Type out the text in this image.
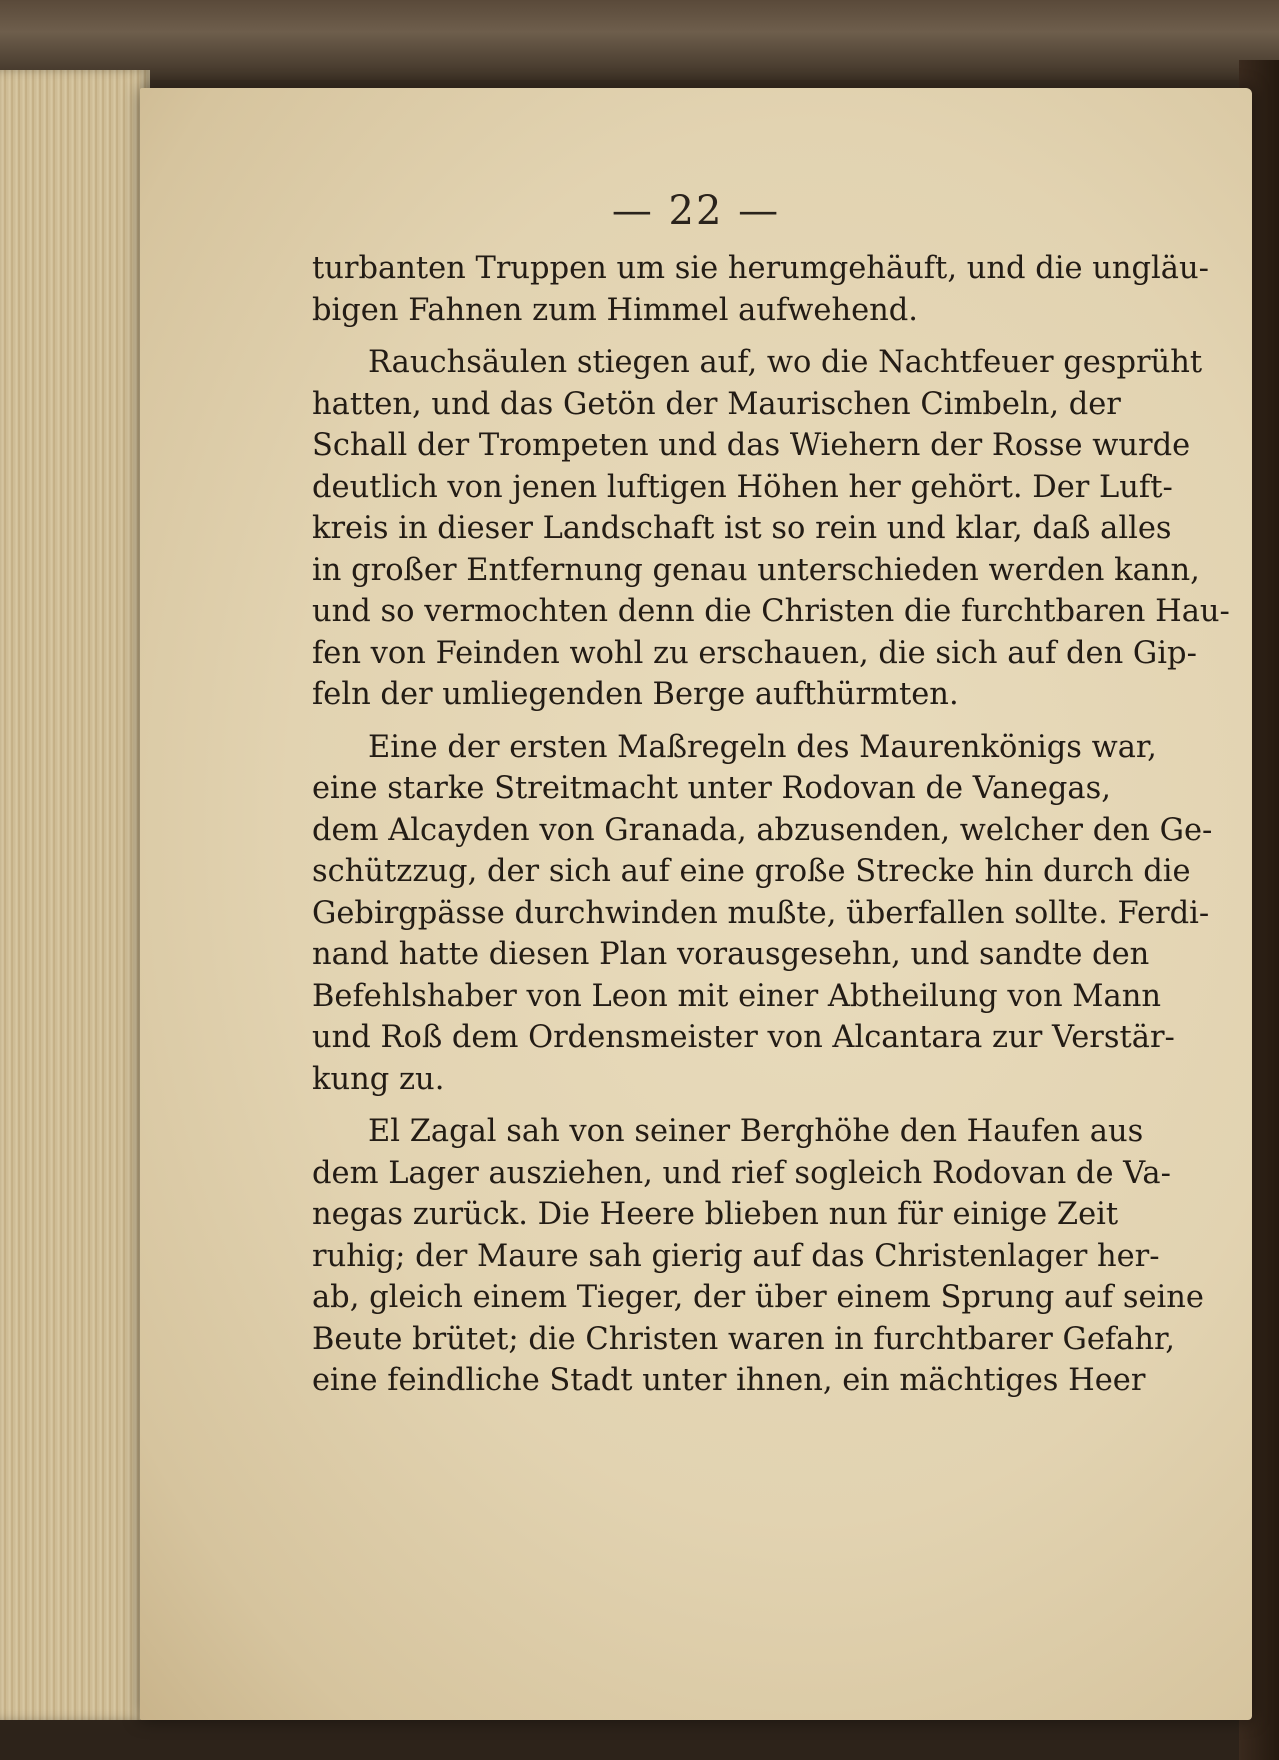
— 22 —
turbanten Truppen um sie herumgehäuft, und die ungläu-
bigen Fahnen zum Himmel aufwehend.
Rauchsäulen stiegen auf, wo die Nachtfeuer gesprüht
hatten, und das Getön der Maurischen Cimbeln, der
Schall der Trompeten und das Wiehern der Rosse wurde
deutlich von jenen luftigen Höhen her gehört. Der Luft-
kreis in dieser Landschaft ist so rein und klar, daß alles
in großer Entfernung genau unterschieden werden kann,
und so vermochten denn die Christen die furchtbaren Hau-
fen von Feinden wohl zu erschauen, die sich auf den Gip-
feln der umliegenden Berge aufthürmten.
Eine der ersten Maßregeln des Maurenkönigs war,
eine starke Streitmacht unter Rodovan de Vanegas,
dem Alcayden von Granada, abzusenden, welcher den Ge-
schützzug, der sich auf eine große Strecke hin durch die
Gebirgpässe durchwinden mußte, überfallen sollte. Ferdi-
nand hatte diesen Plan vorausgesehn, und sandte den
Befehlshaber von Leon mit einer Abtheilung von Mann
und Roß dem Ordensmeister von Alcantara zur Verstär-
kung zu.
El Zagal sah von seiner Berghöhe den Haufen aus
dem Lager ausziehen, und rief sogleich Rodovan de Va-
negas zurück. Die Heere blieben nun für einige Zeit
ruhig; der Maure sah gierig auf das Christenlager her-
ab, gleich einem Tieger, der über einem Sprung auf seine
Beute brütet; die Christen waren in furchtbarer Gefahr,
eine feindliche Stadt unter ihnen, ein mächtiges Heer
